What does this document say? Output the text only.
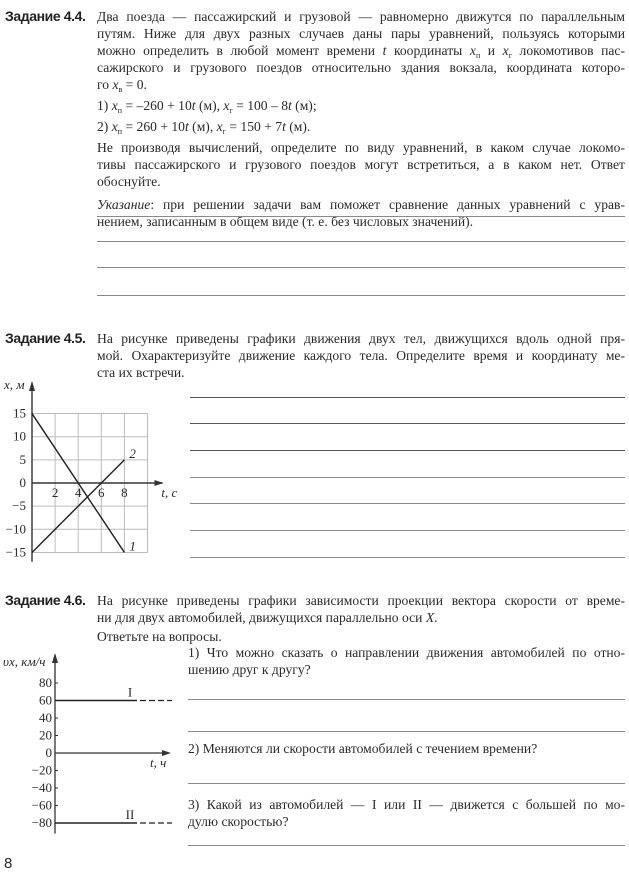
Задание 4.4. Два поезда — пассажирский и грузовой — равномерно движутся по параллельным
путям. Ниже для двух разных случаев даны пары уравнений, пользуясь которыми
можно определить в любой момент времени t координаты $x_п$ и $x_г$ локомотивов пас-
сажирского и грузового поездов относительно здания вокзала, координата которо-
го $x_в = 0$.
1) $x_п = -260 + 10t$ (м), $x_г = 100 - 8t$ (м);
2) $x_п = 260 + 10t$ (м), $x_г = 150 + 7t$ (м).
Не производя вычислений, определите по виду уравнений, в каком случае локомо-
тивы пассажирского и грузового поездов могут встретиться, а в каком нет. Ответ
обоснуйте.
Указание: при решении задачи вам поможет сравнение данных уравнений с урав-
нением, записанным в общем виде (т. е. без числовых значений).
Задание 4.5. На рисунке приведены графики движения двух тел, движущихся вдоль одной пря-
мой. Охарактеризуйте движение каждого тела. Определите время и координату ме-
ста их встречи.
15
10
5
0
−5
−10
−15
2 4 6 8
x, м
t, с
1
2
Задание 4.6. На рисунке приведены графики зависимости проекции вектора скорости от време-
ни для двух автомобилей, движущихся параллельно оси X.
Ответьте на вопросы.
80
60
40
20
0
−20
−40
−60
−80
υx, км/ч
t, ч
I
II
1) Что можно сказать о направлении движения автомобилей по отно-
шению друг к другу?
2) Меняются ли скорости автомобилей с течением времени?
3) Какой из автомобилей — I или II — движется с большей по мо-
дулю скоростью?
8
